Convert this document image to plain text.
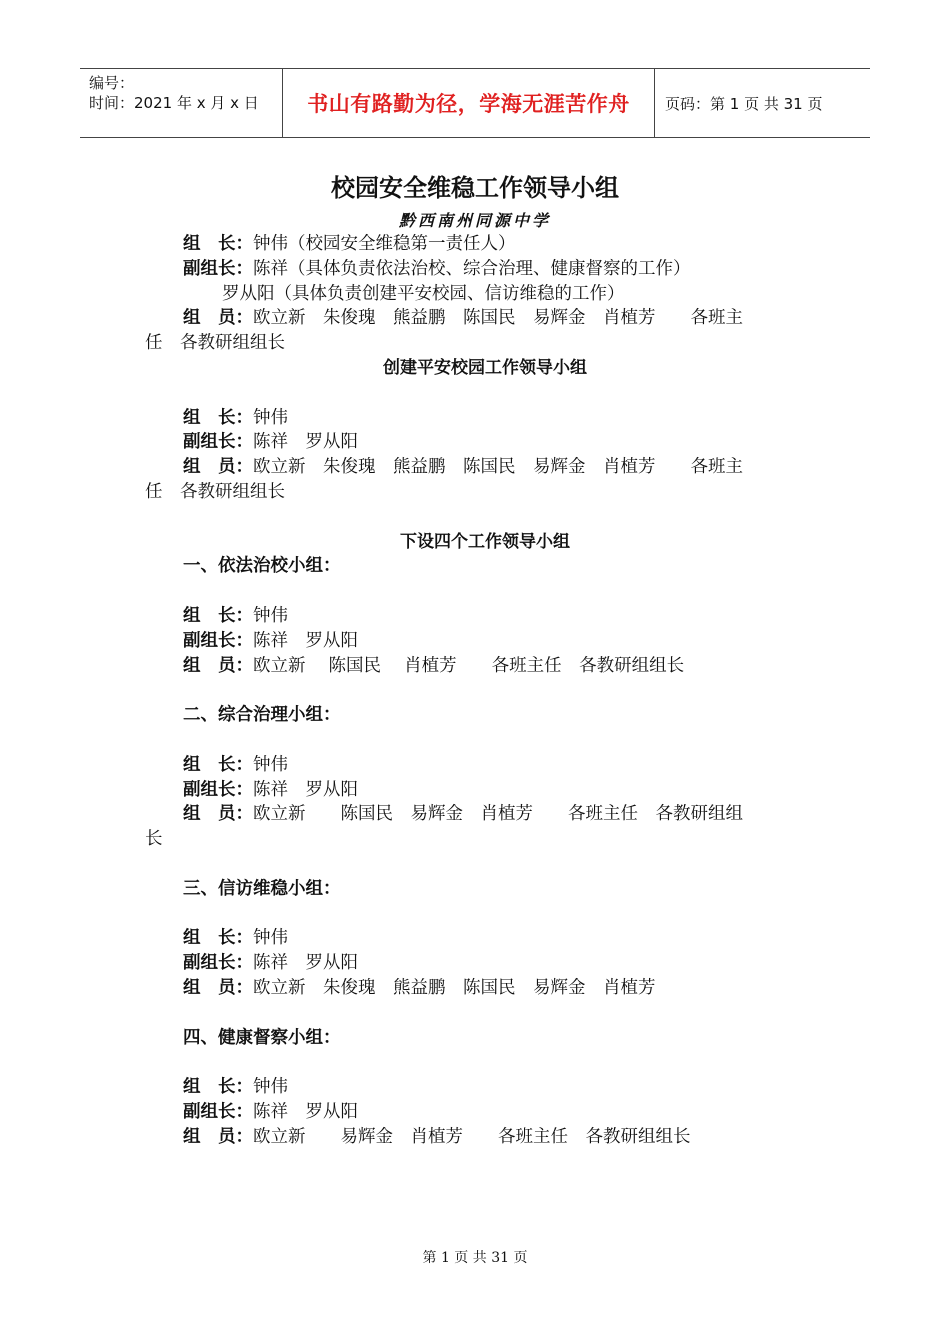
编号：
时间：2021 年 x 月 x 日	书山有路勤为径，学海无涯苦作舟	页码：第 1 页 共 31 页
校园安全维稳工作领导小组
黔西南州同源中学
组　长：钟伟（校园安全维稳第一责任人）
副组长：陈祥（具体负责依法治校、综合治理、健康督察的工作）
罗从阳（具体负责创建平安校园、信访维稳的工作）
组　员：欧立新　朱俊瑰　熊益鹏　陈国民　易辉金　肖植芳　　各班主
任　各教研组组长
创建平安校园工作领导小组
组　长：钟伟
副组长：陈祥　罗从阳
组　员：欧立新　朱俊瑰　熊益鹏　陈国民　易辉金　肖植芳　　各班主
任　各教研组组长
下设四个工作领导小组
一、依法治校小组：
组　长：钟伟
副组长：陈祥　罗从阳
组　员：欧立新　 陈国民　 肖植芳　　各班主任　各教研组组长
二、综合治理小组：
组　长：钟伟
副组长：陈祥　罗从阳
组　员：欧立新　　陈国民　易辉金　肖植芳　　各班主任　各教研组组
长
三、信访维稳小组：
组　长：钟伟
副组长：陈祥　罗从阳
组　员：欧立新　朱俊瑰　熊益鹏　陈国民　易辉金　肖植芳
四、健康督察小组：
组　长：钟伟
副组长：陈祥　罗从阳
组　员：欧立新　　易辉金　肖植芳　　各班主任　各教研组组长
第 1 页 共 31 页
